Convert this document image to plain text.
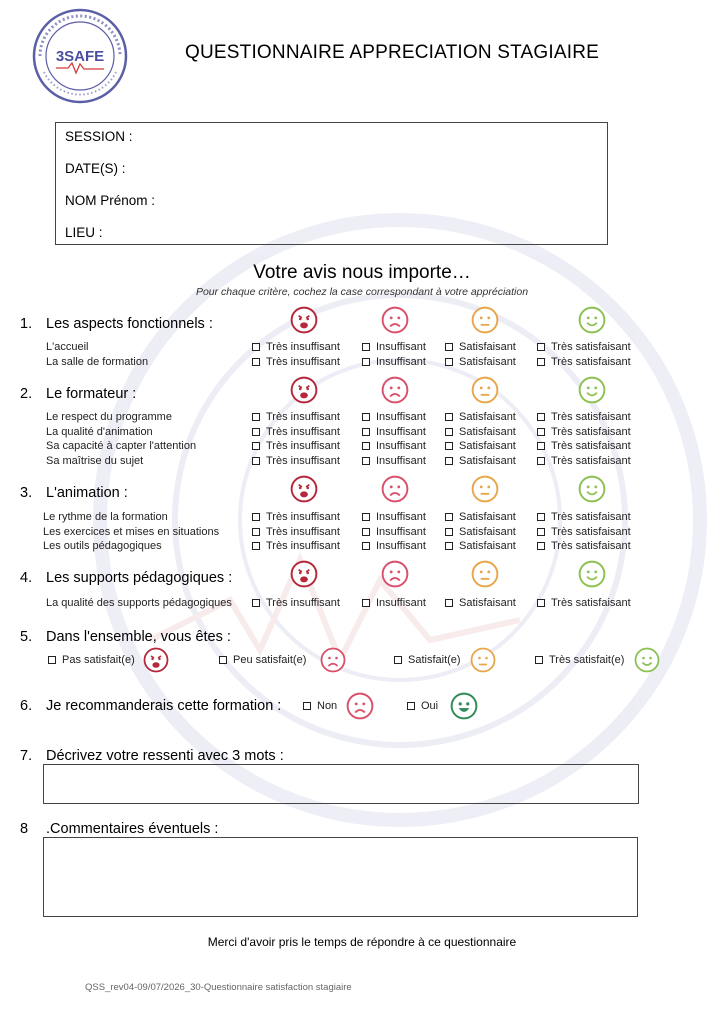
3SAFE	QUESTIONNAIRE APPRECIATION STAGIAIRE
SESSION :
DATE(S) :
NOM Prénom :
LIEU :
Votre avis nous importe…
Pour chaque critère, cochez la case correspondant à votre appréciation
1. Les aspects fonctionnels :
L'accueil	Très insuffisant	Insuffisant	Satisfaisant	Très satisfaisant
La salle de formation	Très insuffisant	Insuffisant	Satisfaisant	Très satisfaisant
2. Le formateur :
Le respect du programme	Très insuffisant	Insuffisant	Satisfaisant	Très satisfaisant
La qualité d'animation	Très insuffisant	Insuffisant	Satisfaisant	Très satisfaisant
Sa capacité à capter l'attention	Très insuffisant	Insuffisant	Satisfaisant	Très satisfaisant
Sa maîtrise du sujet	Très insuffisant	Insuffisant	Satisfaisant	Très satisfaisant
3. L'animation :
Le rythme de la formation	Très insuffisant	Insuffisant	Satisfaisant	Très satisfaisant
Les exercices et mises en situations	Très insuffisant	Insuffisant	Satisfaisant	Très satisfaisant
Les outils pédagogiques	Très insuffisant	Insuffisant	Satisfaisant	Très satisfaisant
4. Les supports pédagogiques :
La qualité des supports pédagogiques	Très insuffisant	Insuffisant	Satisfaisant	Très satisfaisant
5. Dans l'ensemble, vous êtes :
Pas satisfait(e)	Peu satisfait(e)	Satisfait(e)	Très satisfait(e)
6. Je recommanderais cette formation :	Non	Oui
7. Décrivez votre ressenti avec 3 mots :
8 .Commentaires éventuels :
Merci d'avoir pris le temps de répondre à ce questionnaire
QSS_rev04-09/07/2026_30-Questionnaire satisfaction stagiaire
